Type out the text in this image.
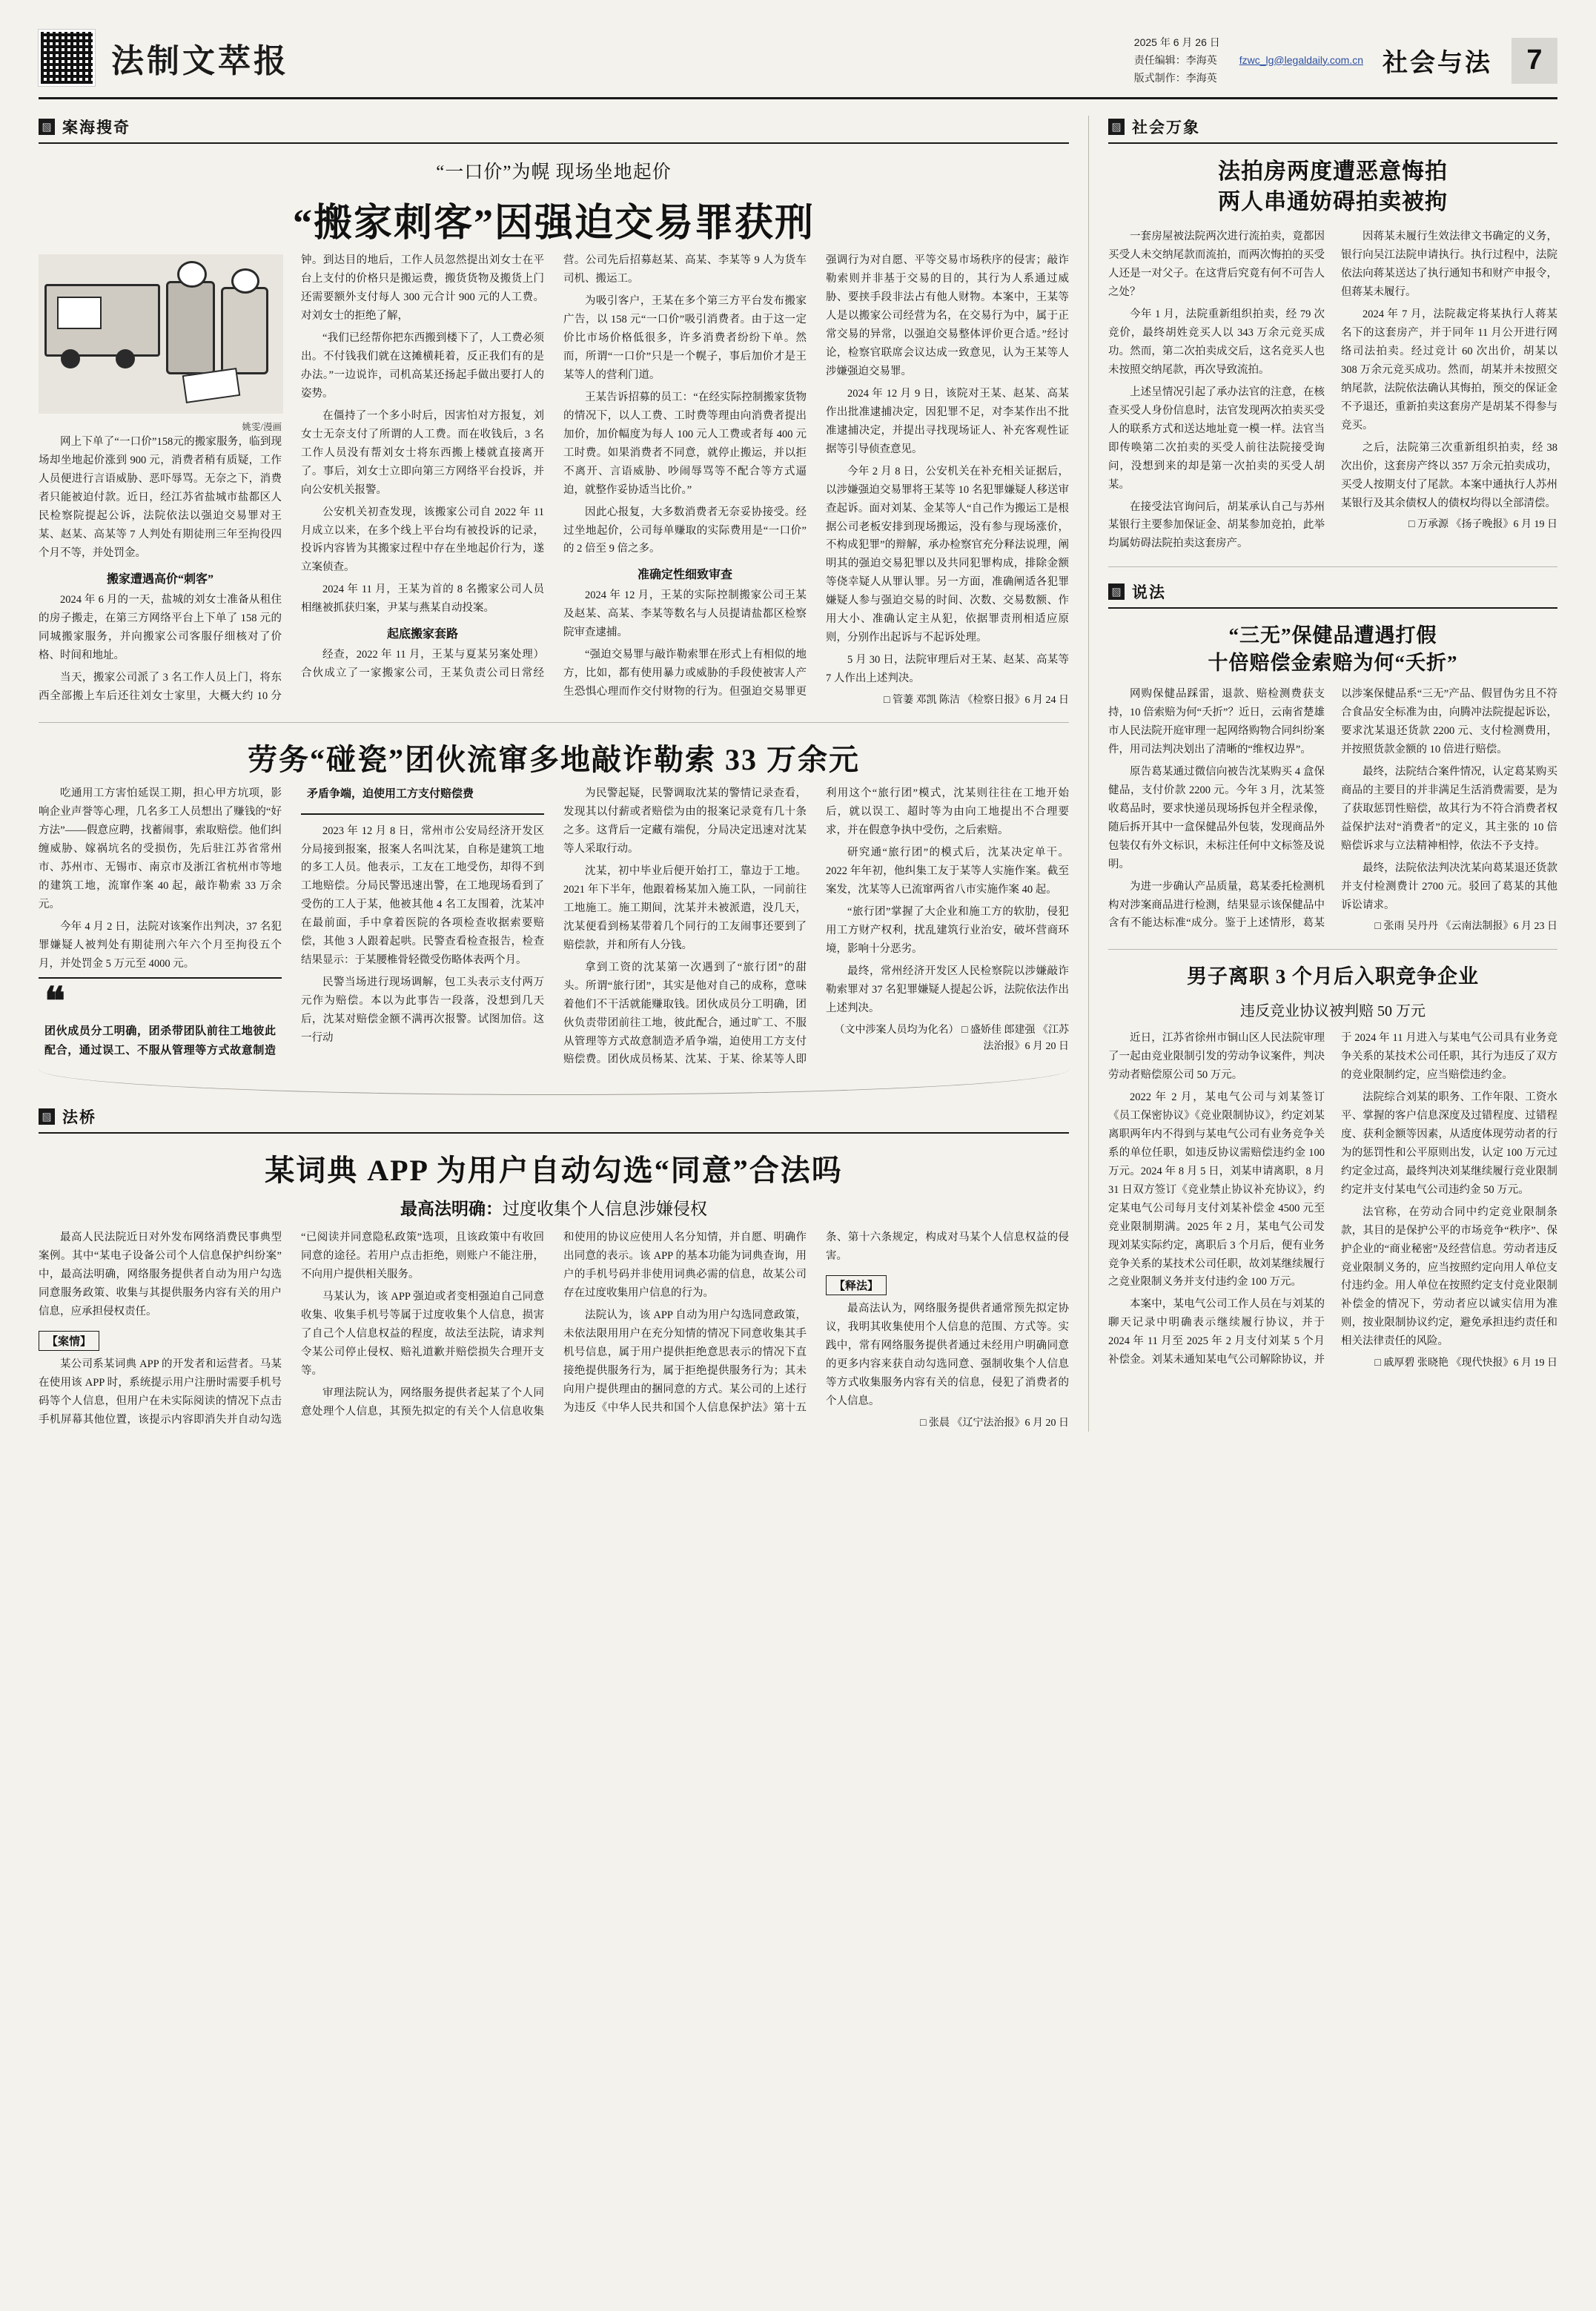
法制文萃报
2025 年 6 月 26 日
责任编辑：李海英
版式制作：李海英
fzwc_lg@legaldaily.com.cn 社会与法	7
▧ 案海搜奇
“一口价”为幌 现场坐地起价
“搬家刺客”因强迫交易罪获刑
姚雯/漫画

网上下单了“一口价”158元的搬家服务，临到现场却坐地起价涨到 900 元，消费者稍有质疑，工作人员便进行言语威胁、恶吓辱骂。无奈之下，消费者只能被迫付款。近日，经江苏省盐城市盐都区人民检察院提起公诉，法院依法以强迫交易罪对王某、赵某、高某等 7 人判处有期徒刑三年至拘役四个月不等，并处罚金。

搬家遭遇高价“刺客”

2024 年 6 月的一天，盐城的刘女士准备从租住的房子搬走，在第三方网络平台上下单了 158 元的同城搬家服务，并向搬家公司客服仔细核对了价格、时间和地址。

当天，搬家公司派了 3 名工作人员上门，将东西全部搬上车后还往刘女士家里，大概大约 10 分钟。到达目的地后，工作人员忽然提出刘女士在平台上支付的价格只是搬运费，搬货货物及搬货上门还需要额外支付每人 300 元合计 900 元的人工费。对刘女士的拒绝了解，

“我们已经帮你把东西搬到楼下了，人工费必须出。不付钱我们就在这摊横耗着，反正我们有的是办法。”一边说诈，司机高某还扬起手做出要打人的姿势。

在僵持了一个多小时后，因害怕对方报复，刘女士无奈支付了所谓的人工费。而在收钱后，3 名工作人员没有帮刘女士将东西搬上楼就直接离开了。事后，刘女士立即向第三方网络平台投诉，并向公安机关报警。

公安机关初查发现，该搬家公司自 2022 年 11 月成立以来，在多个线上平台均有被投诉的记录，投诉内容皆为其搬家过程中存在坐地起价行为，遂立案侦查。

2024 年 11 月，王某为首的 8 名搬家公司人员相继被抓获归案，尹某与燕某自动投案。

起底搬家套路

经查，2022 年 11 月，王某与夏某另案处理）合伙成立了一家搬家公司，王某负责公司日常经营。公司先后招募赵某、高某、李某等 9 人为货车司机、搬运工。

为吸引客户，王某在多个第三方平台发布搬家广告，以 158 元“一口价”吸引消费者。由于这一定价比市场价格低很多，许多消费者纷纷下单。然而，所谓“一口价”只是一个幌子，事后加价才是王某等人的营利门道。

王某告诉招募的员工：“在经实际控制搬家货物的情况下，以人工费、工时费等理由向消费者提出加价，加价幅度为每人 100 元人工费或者每 400 元工时费。如果消费者不同意，就停止搬运，并以拒不离开、言语威胁、吵闹辱骂等不配合等方式逼迫，就整作妥协适当比价。”

因此心报复，大多数消费者无奈妥协接受。经过坐地起价，公司每单赚取的实际费用是“一口价”的 2 倍至 9 倍之多。

准确定性细致审查

2024 年 12 月，王某的实际控制搬家公司王某及赵某、高某、李某等数名与人员提请盐都区检察院审查逮捕。

“强迫交易罪与敲诈勒索罪在形式上有相似的地方，比如，都有使用暴力或威胁的手段使被害人产生恐惧心理而作交付财物的行为。但强迫交易罪更强调行为对自愿、平等交易市场秩序的侵害；敲诈勒索则并非基于交易的目的，其行为人系通过威胁、要挟手段非法占有他人财物。本案中，王某等人是以搬家公司经营为名，在交易行为中，属于正常交易的异常，以强迫交易整体评价更合适。”经讨论，检察官联席会议达成一致意见，认为王某等人涉嫌强迫交易罪。

2024 年 12 月 9 日，该院对王某、赵某、高某作出批准逮捕决定，因犯罪不足，对李某作出不批准逮捕决定，并提出寻找现场证人、补充客观性证据等引导侦查意见。

今年 2 月 8 日，公安机关在补充相关证据后，以涉嫌强迫交易罪将王某等 10 名犯罪嫌疑人移送审查起诉。面对刘某、金某等人“自己作为搬运工是根据公司老板安排到现场搬运，没有参与现场涨价，不构成犯罪”的辩解，承办检察官充分释法说理，阐明其的强迫交易犯罪以及共同犯罪构成，排除金额等侥幸疑人从罪认罪。另一方面，准确阐适各犯罪嫌疑人参与强迫交易的时间、次数、交易数额、作用大小、准确认定主从犯，依据罪责刑相适应原则，分别作出起诉与不起诉处理。

5 月 30 日，法院审理后对王某、赵某、高某等 7 人作出上述判决。

□ 管萋 邓凯 陈洁 《检察日报》6 月 24 日
劳务“碰瓷”团伙流窜多地敲诈勒索 33 万余元

吃通用工方害怕延误工期，担心甲方坑项，影响企业声誉等心理，几名多工人员想出了赚钱的“好方法”——假意应聘，找蓄闹事，索取赔偿。他们纠缠威胁、嫁祸坑名的受损伤，先后驻江苏省常州市、苏州市、无锡市、南京市及浙江省杭州市等地的建筑工地，流窜作案 40 起，敲诈勒索 33 万余元。

今年 4 月 2 日，法院对该案作出判决，37 名犯罪嫌疑人被判处有期徒刑六年六个月至拘役五个月，并处罚金 5 万元至 4000 元。

❝
团伙成员分工明确，团杀带团队前往工地彼此配合，通过误工、不服从管理等方式故意制造矛盾争端，迫使用工方支付赔偿费

2023 年 12 月 8 日，常州市公安局经济开发区分局接到报案，报案人名叫沈某，自称是建筑工地的多工人员。他表示，工友在工地受伤，却得不到工地赔偿。分局民警迅速出警，在工地现场看到了受伤的工人于某，他被其他 4 名工友围着，沈某冲在最前面，手中拿着医院的各项检查收据索要赔偿，其他 3 人跟着起哄。民警查看检查报告，检查结果显示：于某腰椎骨轻微受伤略体表两个月。

民警当场进行现场调解，包工头表示支付两万元作为赔偿。本以为此事告一段落，没想到几天后，沈某对赔偿金额不满再次报警。试图加倍。这一行动

为民警起疑，民警调取沈某的警情记录查看，发现其以付薪或者赔偿为由的报案记录竟有几十条之多。这背后一定藏有端倪，分局决定迅速对沈某等人采取行动。

沈某，初中毕业后便开始打工，靠边于工地。2021 年下半年，他跟着杨某加入施工队，一同前往工地施工。施工期间，沈某并未被派遣，没几天，沈某便看到杨某带着几个同行的工友闹事还要到了赔偿款，并和所有人分钱。

拿到工资的沈某第一次遇到了“旅行团”的甜头。所谓“旅行团”，其实是他对自己的成称，意味着他们不干活就能赚取钱。团伙成员分工明确，团伙负责带团前往工地，彼此配合，通过旷工、不服从管理等方式故意制造矛盾争端，迫使用工方支付赔偿费。团伙成员杨某、沈某、于某、徐某等人即利用这个“旅行团”模式，沈某则往往在工地开始后，就以误工、超时等为由向工地提出不合理要求，并在假意争执中受伤，之后索赔。

研究通“旅行团”的模式后，沈某决定单干。2022 年年初，他纠集工友于某等人实施作案。截至案发，沈某等人已流窜两省八市实施作案 40 起。

“旅行团”掌握了大企业和施工方的软肋，侵犯用工方财产权利，扰乱建筑行业治安，破坏营商环境，影响十分恶劣。

最终，常州经济开发区人民检察院以涉嫌敲诈勒索罪对 37 名犯罪嫌疑人提起公诉，法院依法作出上述判决。

（文中涉案人员均为化名） □ 盛娇佳 郎建强 《江苏法治报》6 月 20 日
▧ 法桥
某词典 APP 为用户自动勾选“同意”合法吗
最高法明确：过度收集个人信息涉嫌侵权

最高人民法院近日对外发布网络消费民事典型案例。其中“某电子设备公司个人信息保护纠纷案”中，最高法明确，网络服务提供者自动为用户勾选同意服务政策、收集与其提供服务内容有关的用户信息，应承担侵权责任。

【案情】

某公司系某词典 APP 的开发者和运营者。马某在使用该 APP 时，系统提示用户注册时需要手机号码等个人信息，但用户在未实际阅读的情况下点击手机屏幕其他位置，该提示内容即消失并自动勾选“已阅读并同意隐私政策”选项，且该政策中有收回同意的途径。若用户点击拒绝，则账户不能注册，不向用户提供相关服务。

马某认为，该 APP 强迫或者变相强迫自己同意收集、收集手机号等属于过度收集个人信息，损害了自己个人信息权益的程度，故法至法院，请求判令某公司停止侵权、赔礼道歉并赔偿损失合理开支等。

审理法院认为，网络服务提供者起某了个人同意处理个人信息，其预先拟定的有关个人信息收集和使用的协议应使用人名分知情，并自愿、明确作出同意的表示。该 APP 的基本功能为词典查询，用户的手机号码并非使用词典必需的信息，故某公司存在过度收集用户信息的行为。

法院认为，该 APP 自动为用户勾选同意政策，未依法限用用户在充分知情的情况下同意收集其手机号信息，属于用户提供拒绝意思表示的情况下直接绝提供服务行为，属于拒绝提供服务行为；其未向用户提供理由的捆同意的方式。某公司的上述行为违反《中华人民共和国个人信息保护法》第十五条、第十六条规定，构成对马某个人信息权益的侵害。

【释法】

最高法认为，网络服务提供者通常预先拟定协议，我明其收集使用个人信息的范围、方式等。实践中，常有网络服务提供者通过未经用户明确同意的更多内容来获自动勾选同意、强制收集个人信息等方式收集服务内容有关的信息，侵犯了消费者的个人信息。

□ 张晨 《辽宁法治报》6 月 20 日
▧ 社会万象
法拍房两度遭恶意悔拍
两人串通妨碍拍卖被拘

一套房屋被法院两次进行流拍卖，竟都因买受人未交纳尾款而流拍，而两次悔拍的买受人还是一对父子。在这背后究竟有何不可告人之处？

今年 1 月，法院重新组织拍卖，经 79 次竞价，最终胡姓竞买人以 343 万余元竞买成功。然而，第二次拍卖成交后，这名竞买人也未按照交纳尾款，再次导致流拍。

上述呈情况引起了承办法官的注意，在核查买受人身份信息时，法官发现两次拍卖买受人的联系方式和送达地址竟一模一样。法官当即传唤第二次拍卖的买受人前往法院接受询问，没想到来的却是第一次拍卖的买受人胡某。

在接受法官询问后，胡某承认自己与苏州某银行主要参加保证金、胡某参加竞拍，此举均属妨碍法院拍卖这套房产。

因蒋某未履行生效法律文书确定的义务，银行向吴江法院申请执行。执行过程中，法院依法向蒋某送达了执行通知书和财产申报令，但蒋某未履行。

2024 年 7 月，法院裁定将某执行人蒋某名下的这套房产，并于同年 11 月公开进行网络司法拍卖。经过竞计 60 次出价，胡某以 308 万余元竞买成功。然而，胡某并未按照交纳尾款，法院依法确认其悔拍，预交的保证金不予退还，重新拍卖这套房产是胡某不得参与竞买。

之后，法院第三次重新组织拍卖，经 38 次出价，这套房产终以 357 万余元拍卖成功，买受人按期支付了尾款。本案中通执行人苏州某银行及其余债权人的债权均得以全部清偿。

□ 万承源 《扬子晚报》6 月 19 日
▧ 说法
“三无”保健品遭遇打假
十倍赔偿金索赔为何“夭折”

网购保健品踩雷，退款、赔检测费获支持，10 倍索赔为何“夭折”？近日，云南省楚雄市人民法院开庭审理一起网络购物合同纠纷案件，用司法判决划出了清晰的“维权边界”。

原告葛某通过微信向被告沈某购买 4 盒保健品，支付价款 2200 元。今年 3 月，沈某签收葛品时，要求快递员现场拆包并全程录像，随后拆开其中一盒保健品外包装，发现商品外包装仅有外文标识，未标注任何中文标签及说明。

为进一步确认产品质量，葛某委托检测机构对涉案商品进行检测，结果显示该保健品中含有不能达标准“成分。鉴于上述情形，葛某以涉案保健品系“三无”产品、假冒伪劣且不符合食品安全标准为由，向腾冲法院提起诉讼，要求沈某退还货款 2200 元、支付检测费用，并按照货款金额的 10 倍进行赔偿。

最终，法院结合案件情况，认定葛某购买商品的主要目的并非满足生活消费需要，是为了获取惩罚性赔偿，故其行为不符合消费者权益保护法对“消费者”的定义，其主张的 10 倍赔偿诉求与立法精神相悖，依法不予支持。

最终，法院依法判决沈某向葛某退还货款并支付检测费计 2700 元。驳回了葛某的其他诉讼请求。

□ 张雨 吴丹丹 《云南法制报》6 月 23 日
男子离职 3 个月后入职竞争企业
违反竞业协议被判赔 50 万元

近日，江苏省徐州市铜山区人民法院审理了一起由竞业限制引发的劳动争议案件，判决劳动者赔偿原公司 50 万元。

2022 年 2 月，某电气公司与刘某签订《员工保密协议》《竞业限制协议》，约定刘某离职两年内不得到与某电气公司有业务竞争关系的单位任职，如违反协议需赔偿违约金 100 万元。2024 年 8 月 5 日，刘某申请离职，8 月 31 日双方签订《竞业禁止协议补充协议》，约定某电气公司每月支付刘某补偿金 4500 元至竞业限制期满。2025 年 2 月，某电气公司发现刘某实际约定，离职后 3 个月后，便有业务竞争关系的某技术公司任职，故刘某继续履行之竞业限制义务并支付违约金 100 万元。

本案中，某电气公司工作人员在与刘某的聊天记录中明确表示继续履行协议，并于 2024 年 11 月至 2025 年 2 月支付刘某 5 个月补偿金。刘某未通知某电气公司解除协议，并于 2024 年 11 月进入与某电气公司具有业务竞争关系的某技术公司任职，其行为违反了双方的竞业限制约定，应当赔偿违约金。

法院综合刘某的职务、工作年限、工资水平、掌握的客户信息深度及过错程度、过错程度、获利金额等因素，从适度体现劳动者的行为的惩罚性和公平原则出发，认定 100 万元过约定金过高，最终判决刘某继续履行竞业限制约定并支付某电气公司违约金 50 万元。

法官称，在劳动合同中约定竞业限制条款，其目的是保护公平的市场竞争“秩序”、保护企业的“商业秘密”及经营信息。劳动者违反竞业限制义务的，应当按照约定向用人单位支付违约金。用人单位在按照约定支付竞业限制补偿金的情况下，劳动者应以诚实信用为准则，按业限制协议约定，避免承担违约责任和相关法律责任的风险。

□ 戚厚碧 张晓艳 《现代快报》6 月 19 日
